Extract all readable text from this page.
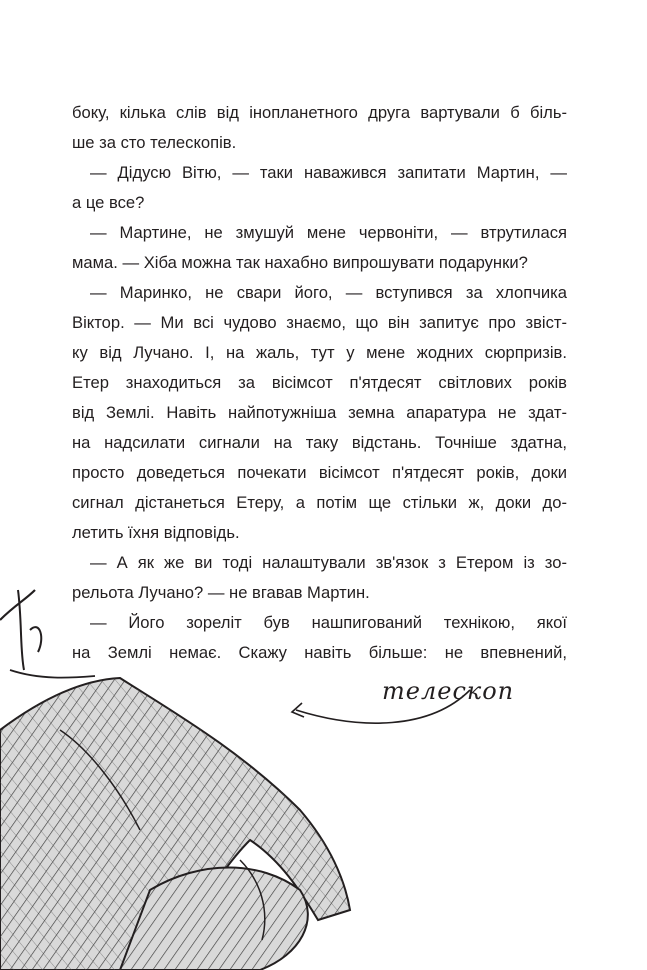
боку, кілька слів від інопланетного друга вартували б біль-
ше за сто телескопів.
— Дідусю Вітю, — таки наважився запитати Мартин, —
а це все?
— Мартине, не змушуй мене червоніти, — втрутилася
мама. — Хіба можна так нахабно випрошувати подарунки?
— Маринко, не свари його, — вступився за хлопчика
Віктор. — Ми всі чудово знаємо, що він запитує про звіст-
ку від Лучано. І, на жаль, тут у мене жодних сюрпризів.
Етер знаходиться за вісімсот п'ятдесят світлових років
від Землі. Навіть найпотужніша земна апаратура не здат-
на надсилати сигнали на таку відстань. Точніше здатна,
просто доведеться почекати вісімсот п'ятдесят років, доки
сигнал дістанеться Етеру, а потім ще стільки ж, доки до-
летить їхня відповідь.
— А як же ви тоді налаштували зв'язок з Етером із зо-
рельота Лучано? — не вгавав Мартин.
— Його зореліт був нашпигований технікою, якої
на Землі немає. Скажу навіть більше: не впевнений,
телескоп
